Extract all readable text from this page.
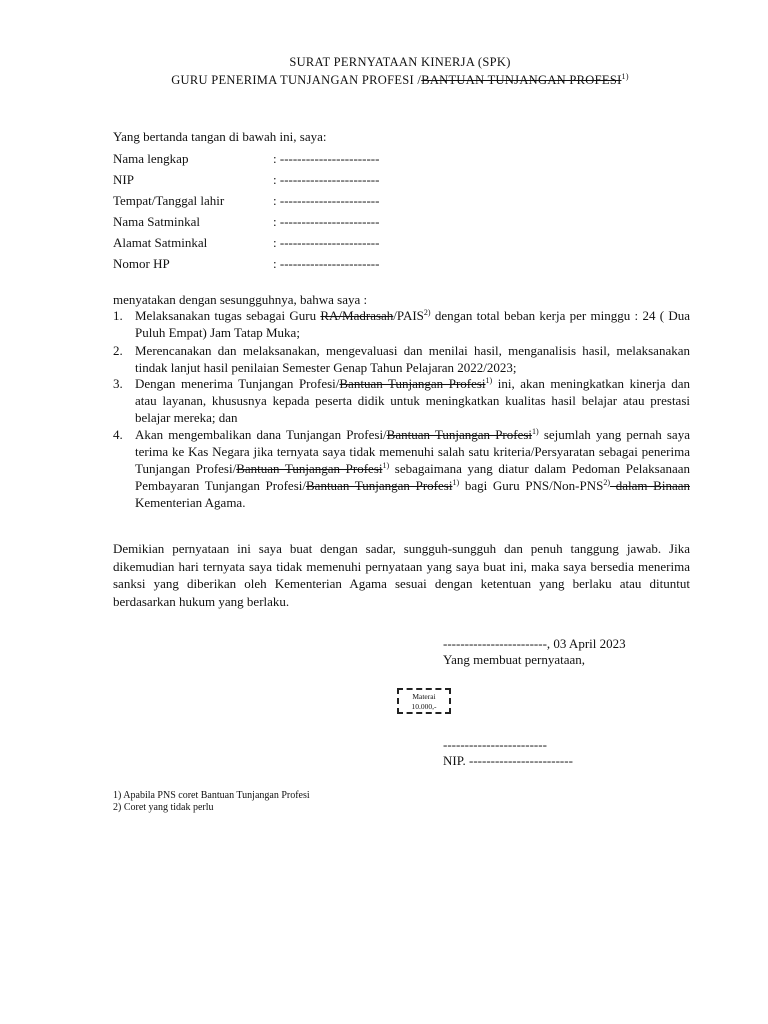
SURAT PERNYATAAN KINERJA (SPK)
GURU PENERIMA TUNJANGAN PROFESI /BANTUAN TUNJANGAN PROFESI$^{1)}$
Yang bertanda tangan di bawah ini, saya:
Nama lengkap	: -----------------------
NIP	: -----------------------
Tempat/Tanggal lahir	: -----------------------
Nama Satminkal	: -----------------------
Alamat Satminkal	: -----------------------
Nomor HP	: -----------------------
menyatakan dengan sesungguhnya, bahwa saya :
1. Melaksanakan tugas sebagai Guru RA/Madrasah/PAIS$^{2)}$ dengan total beban kerja per minggu : 24 ( Dua Puluh Empat) Jam Tatap Muka;
2. Merencanakan dan melaksanakan, mengevaluasi dan menilai hasil, menganalisis hasil, melaksanakan tindak lanjut hasil penilaian Semester Genap Tahun Pelajaran 2022/2023;
3. Dengan menerima Tunjangan Profesi/Bantuan Tunjangan Profesi$^{1)}$ ini, akan meningkatkan kinerja dan atau layanan, khususnya kepada peserta didik untuk meningkatkan kualitas hasil belajar atau prestasi belajar mereka; dan
4. Akan mengembalikan dana Tunjangan Profesi/Bantuan Tunjangan Profesi$^{1)}$ sejumlah yang pernah saya terima ke Kas Negara jika ternyata saya tidak memenuhi salah satu kriteria/Persyaratan sebagai penerima Tunjangan Profesi/Bantuan Tunjangan Profesi$^{1)}$ sebagaimana yang diatur dalam Pedoman Pelaksanaan Pembayaran Tunjangan Profesi/Bantuan Tunjangan Profesi$^{1)}$ bagi Guru PNS/Non-PNS$^{2)}$ dalam Binaan Kementerian Agama.
Demikian pernyataan ini saya buat dengan sadar, sungguh-sungguh dan penuh tanggung jawab. Jika dikemudian hari ternyata saya tidak memenuhi pernyataan yang saya buat ini, maka saya bersedia menerima sanksi yang diberikan oleh Kementerian Agama sesuai dengan ketentuan yang berlaku atau dituntut berdasarkan hukum yang berlaku.
------------------------, 03 April 2023
Yang membuat pernyataan,
Materai
10.000,-
------------------------
NIP. ------------------------
1) Apabila PNS coret Bantuan Tunjangan Profesi
2) Coret yang tidak perlu
